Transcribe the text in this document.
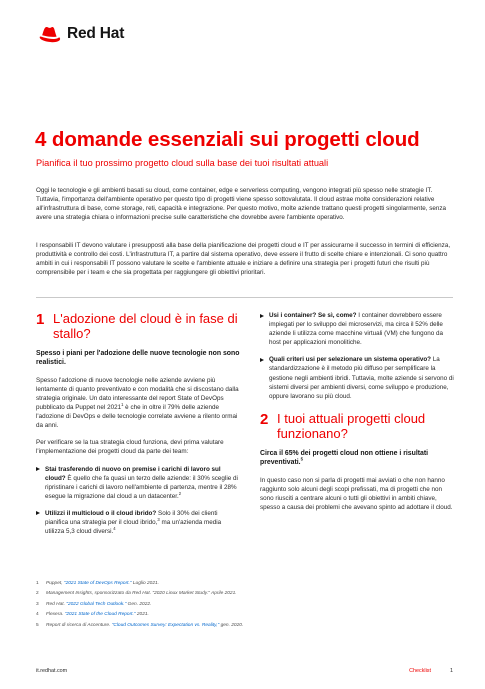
Red Hat
4 domande essenziali sui progetti cloud

Pianifica il tuo prossimo progetto cloud sulla base dei tuoi risultati attuali

Oggi le tecnologie e gli ambienti basati su cloud, come container, edge e serverless computing, vengono integrati più spesso nelle strategie IT. Tuttavia, l'importanza dell'ambiente operativo per questo tipo di progetti viene spesso sottovalutata. Il cloud astrae molte considerazioni relative all'infrastruttura di base, come storage, reti, capacità e integrazione. Per questo motivo, molte aziende trattano questi progetti singolarmente, senza avere una strategia chiara o informazioni precise sulle caratteristiche che dovrebbe avere l'ambiente operativo.

I responsabili IT devono valutare i presupposti alla base della pianificazione dei progetti cloud e IT per assicurarne il successo in termini di efficienza, produttività e controllo dei costi. L'infrastruttura IT, a partire dal sistema operativo, deve essere il frutto di scelte chiare e intenzionali. Ci sono quattro ambiti in cui i responsabili IT possono valutare le scelte e l'ambiente attuale e iniziare a definire una strategia per i progetti futuri che risulti più comprensibile per i team e che sia progettata per raggiungere gli obiettivi prioritari.

1 L'adozione del cloud è in fase di stallo?

Spesso i piani per l'adozione delle nuove tecnologie non sono realistici.

Spesso l'adozione di nuove tecnologie nelle aziende avviene più lentamente di quanto preventivato e con modalità che si discostano dalla strategia originale. Un dato interessante del report State of DevOps pubblicato da Puppet nel 2021$^1$ è che in oltre il 79% delle aziende l'adozione di DevOps e delle tecnologie correlate avviene a rilento ormai da anni.

Per verificare se la tua strategia cloud funziona, devi prima valutare l'implementazione dei progetti cloud da parte dei team:

Stai trasferendo di nuovo on premise i carichi di lavoro sul cloud? È quello che fa quasi un terzo delle aziende: il 30% sceglie di ripristinare i carichi di lavoro nell'ambiente di partenza, mentre il 28% esegue la migrazione dal cloud a un datacenter.$^2$
Utilizzi il multicloud o il cloud ibrido? Solo il 30% dei clienti pianifica una strategia per il cloud ibrido,$^3$ ma un'azienda media utilizza 5,3 cloud diversi.$^4$
Usi i container? Se sì, come? I container dovrebbero essere impiegati per lo sviluppo dei microservizi, ma circa il 52% delle aziende li utilizza come macchine virtuali (VM) che fungono da host per applicazioni monolitiche.
Quali criteri usi per selezionare un sistema operativo? La standardizzazione è il metodo più diffuso per semplificare la gestione negli ambienti ibridi. Tuttavia, molte aziende si servono di sistemi diversi per ambienti diversi, come sviluppo e produzione, oppure lavorano su più cloud.
2 I tuoi attuali progetti cloud funzionano?

Circa il 65% dei progetti cloud non ottiene i risultati preventivati.$^5$

In questo caso non si parla di progetti mai avviati o che non hanno raggiunto solo alcuni degli scopi prefissati, ma di progetti che non sono riusciti a centrare alcuni o tutti gli obiettivi in ambiti chiave, spesso a causa dei problemi che avevano spinto ad adottare il cloud.

1	Puppet, "2021 State of DevOps Report." Luglio 2021.
2	Management Insights, sponsorizzato da Red Hat. "2020 Linux Market Study." Aprile 2021.
3	Red Hat. "2022 Global Tech Outlook." Gen. 2022.
4	Flexera. "2021 State of the Cloud Report." 2021.
5	Report di ricerca di Accenture. "Cloud Outcomes Survey: Expectation vs. Reality," gen. 2020.
it.redhat.com	Checklist	1
